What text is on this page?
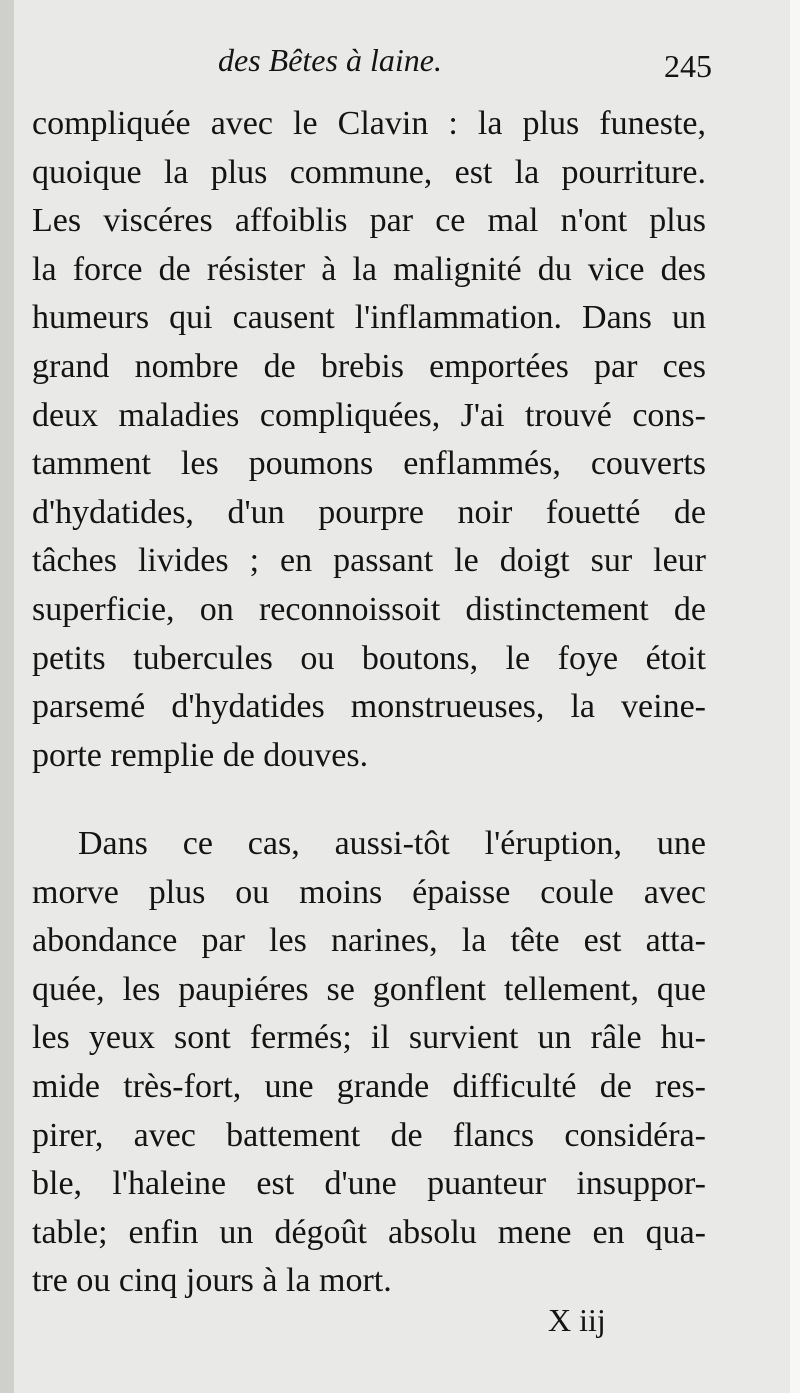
des Bêtes à laine.	245
compliquée avec le Clavin : la plus funeste,
quoique la plus commune, est la pourriture.
Les viscéres affoiblis par ce mal n'ont plus
la force de résister à la malignité du vice des
humeurs qui causent l'inflammation. Dans un
grand nombre de brebis emportées par ces
deux maladies compliquées, J'ai trouvé cons-
tamment les poumons enflammés, couverts
d'hydatides, d'un pourpre noir fouetté de
tâches livides ; en passant le doigt sur leur
superficie, on reconnoissoit distinctement de
petits tubercules ou boutons, le foye étoit
parsemé d'hydatides monstrueuses, la veine-
porte remplie de douves.
Dans ce cas, aussi-tôt l'éruption, une
morve plus ou moins épaisse coule avec
abondance par les narines, la tête est atta-
quée, les paupiéres se gonflent tellement, que
les yeux sont fermés; il survient un râle hu-
mide très-fort, une grande difficulté de res-
pirer, avec battement de flancs considéra-
ble, l'haleine est d'une puanteur insuppor-
table; enfin un dégoût absolu mene en qua-
tre ou cinq jours à la mort.
X iij
